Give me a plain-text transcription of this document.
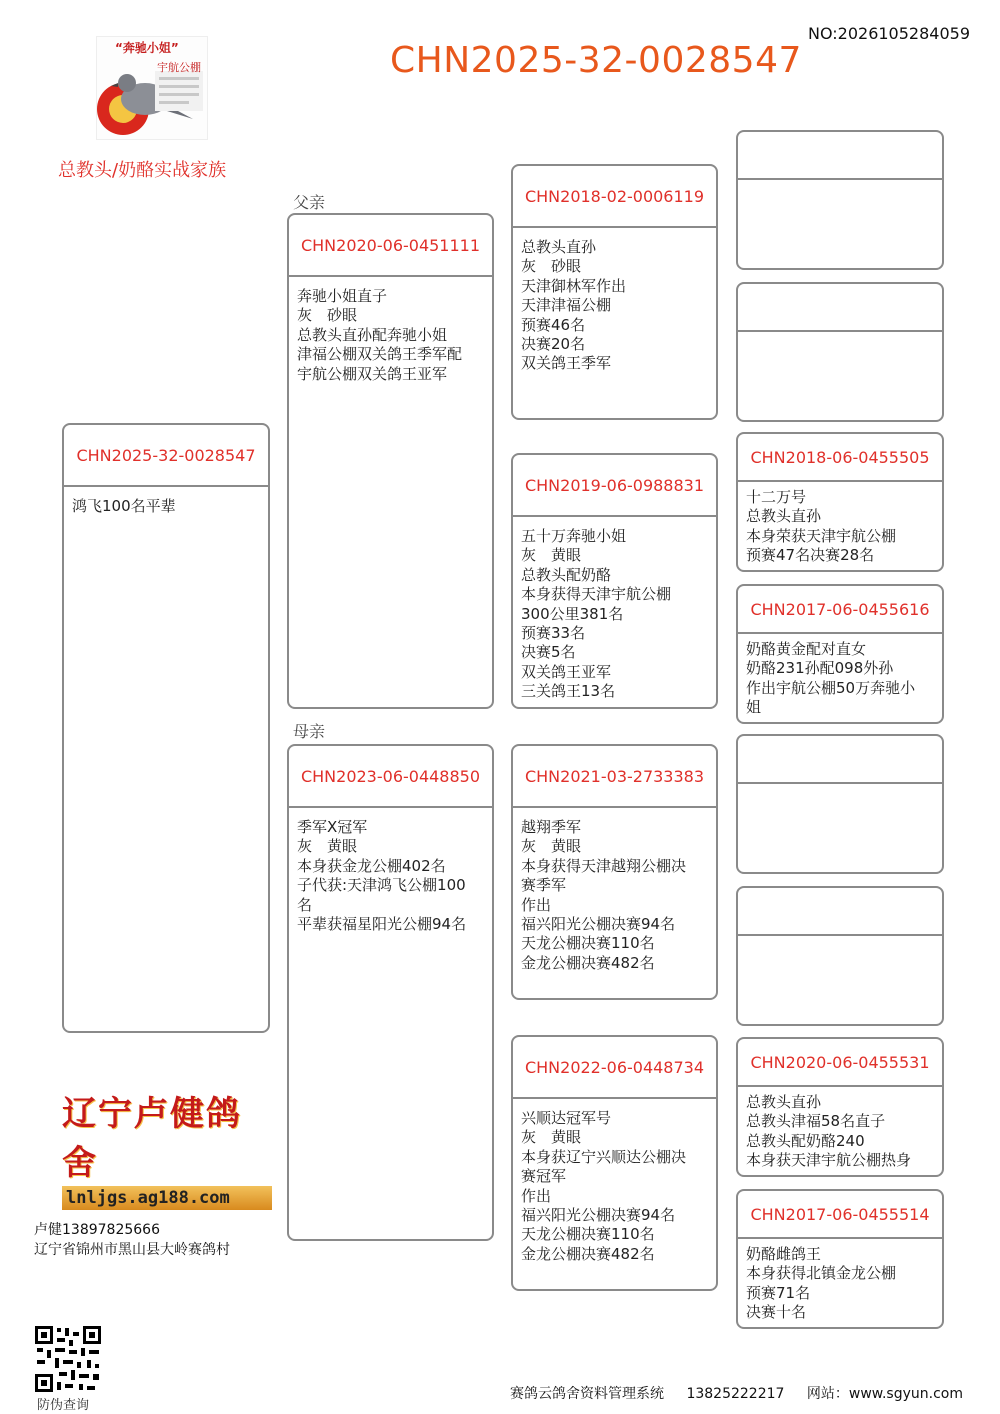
NO:2026105284059
CHN2025-32-0028547
“奔驰小姐”
宇航公棚
总教头/奶酪实战家族
父亲
母亲
CHN2025-32-0028547
鸿飞100名平辈
CHN2020-06-0451111
奔驰小姐直子
灰　砂眼
总教头直孙配奔驰小姐
津福公棚双关鸽王季军配
宇航公棚双关鸽王亚军
CHN2023-06-0448850
季军X冠军
灰　黄眼
本身获金龙公棚402名
子代获:天津鸿飞公棚100
名
平辈获福星阳光公棚94名
CHN2018-02-0006119
总教头直孙
灰　砂眼
天津御林军作出
天津津福公棚
预赛46名
决赛20名
双关鸽王季军
CHN2019-06-0988831
五十万奔驰小姐
灰　黄眼
总教头配奶酪
本身获得天津宇航公棚
300公里381名
预赛33名
决赛5名
双关鸽王亚军
三关鸽王13名
CHN2021-03-2733383
越翔季军
灰　黄眼
本身获得天津越翔公棚决
赛季军
作出
福兴阳光公棚决赛94名
天龙公棚决赛110名
金龙公棚决赛482名
CHN2022-06-0448734
兴顺达冠军号
灰　黄眼
本身获辽宁兴顺达公棚决
赛冠军
作出
福兴阳光公棚决赛94名
天龙公棚决赛110名
金龙公棚决赛482名
CHN2018-06-0455505
十二万号
总教头直孙
本身荣获天津宇航公棚
预赛47名决赛28名
CHN2017-06-0455616
奶酪黄金配对直女
奶酪231孙配098外孙
作出宇航公棚50万奔驰小
姐
CHN2020-06-0455531
总教头直孙
总教头津福58名直子
总教头配奶酪240
本身获天津宇航公棚热身
CHN2017-06-0455514
奶酪雌鸽王
本身获得北镇金龙公棚
预赛71名
决赛十名
辽宁卢健鸽舍
lnljgs.ag188.com
卢健13897825666
辽宁省锦州市黑山县大岭赛鸽村
防伪查询
赛鸽云鸽舍资料管理系统 13825222217 网站：www.sgyun.com
